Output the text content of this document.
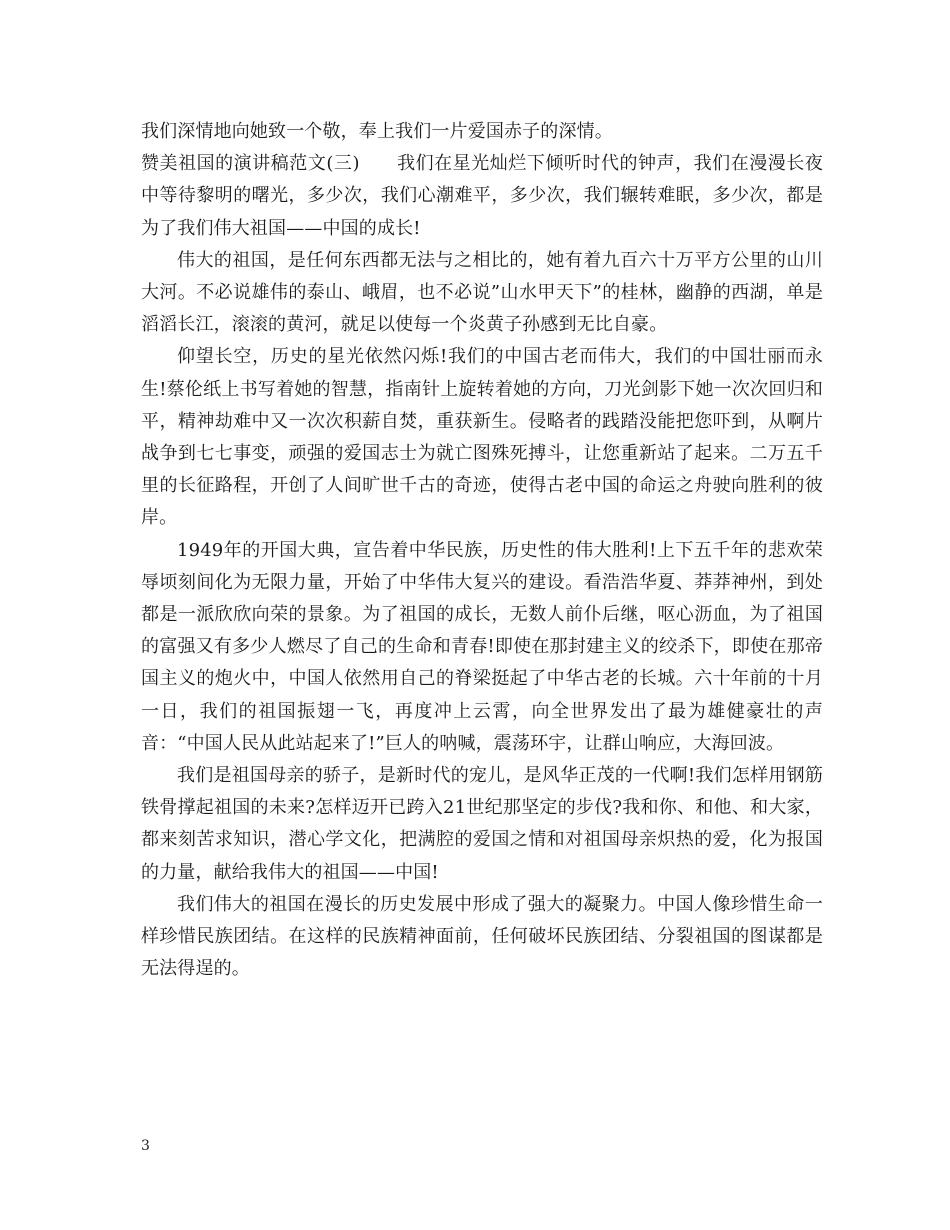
我们深情地向她致一个敬，奉上我们一片爱国赤子的深情。

赞美祖国的演讲稿范文(三)　　我们在星光灿烂下倾听时代的钟声，我们在漫漫长夜中等待黎明的曙光，多少次，我们心潮难平，多少次，我们辗转难眠，多少次，都是为了我们伟大祖国——中国的成长!

伟大的祖国，是任何东西都无法与之相比的，她有着九百六十万平方公里的山川大河。不必说雄伟的泰山、峨眉，也不必说”山水甲天下”的桂林，幽静的西湖，单是滔滔长江，滚滚的黄河，就足以使每一个炎黄子孙感到无比自豪。

仰望长空，历史的星光依然闪烁!我们的中国古老而伟大，我们的中国壮丽而永生!蔡伦纸上书写着她的智慧，指南针上旋转着她的方向，刀光剑影下她一次次回归和平，精神劫难中又一次次积薪自焚，重获新生。侵略者的践踏没能把您吓到，从啊片战争到七七事变，顽强的爱国志士为就亡图殊死搏斗，让您重新站了起来。二万五千里的长征路程，开创了人间旷世千古的奇迹，使得古老中国的命运之舟驶向胜利的彼岸。

1949年的开国大典，宣告着中华民族，历史性的伟大胜利!上下五千年的悲欢荣辱顷刻间化为无限力量，开始了中华伟大复兴的建设。看浩浩华夏、莽莽神州，到处都是一派欣欣向荣的景象。为了祖国的成长，无数人前仆后继，呕心沥血，为了祖国的富强又有多少人燃尽了自己的生命和青春!即使在那封建主义的绞杀下，即使在那帝国主义的炮火中，中国人依然用自己的脊梁挺起了中华古老的长城。六十年前的十月一日，我们的祖国振翅一飞，再度冲上云霄，向全世界发出了最为雄健豪壮的声音：“中国人民从此站起来了!”巨人的呐喊，震荡环宇，让群山响应，大海回波。

我们是祖国母亲的骄子，是新时代的宠儿，是风华正茂的一代啊!我们怎样用钢筋铁骨撑起祖国的未来?怎样迈开已跨入21世纪那坚定的步伐?我和你、和他、和大家，都来刻苦求知识，潜心学文化，把满腔的爱国之情和对祖国母亲炽热的爱，化为报国的力量，献给我伟大的祖国——中国!

我们伟大的祖国在漫长的历史发展中形成了强大的凝聚力。中国人像珍惜生命一样珍惜民族团结。在这样的民族精神面前，任何破坏民族团结、分裂祖国的图谋都是无法得逞的。

3
